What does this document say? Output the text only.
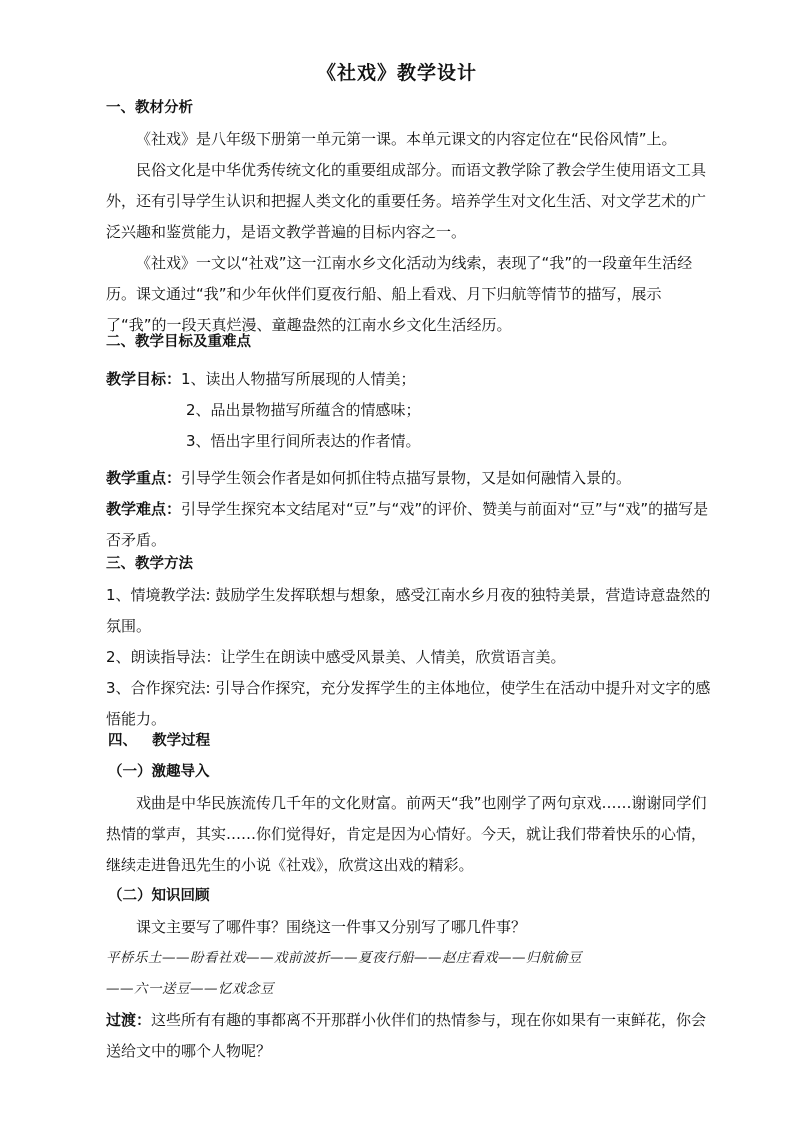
《社戏》教学设计

一、教材分析

《社戏》是八年级下册第一单元第一课。本单元课文的内容定位在“民俗风情”上。

民俗文化是中华优秀传统文化的重要组成部分。而语文教学除了教会学生使用语文工具外，还有引导学生认识和把握人类文化的重要任务。培养学生对文化生活、对文学艺术的广泛兴趣和鉴赏能力，是语文教学普遍的目标内容之一。

《社戏》一文以“社戏”这一江南水乡文化活动为线索，表现了“我”的一段童年生活经历。课文通过“我”和少年伙伴们夏夜行船、船上看戏、月下归航等情节的描写，展示了“我”的一段天真烂漫、童趣盎然的江南水乡文化生活经历。

二、教学目标及重难点

教学目标：1、读出人物描写所展现的人情美；

2、品出景物描写所蕴含的情感味；

3、悟出字里行间所表达的作者情。

教学重点：引导学生领会作者是如何抓住特点描写景物，又是如何融情入景的。

教学难点：引导学生探究本文结尾对“豆”与“戏”的评价、赞美与前面对“豆”与“戏”的描写是否矛盾。

三、教学方法

1、情境教学法: 鼓励学生发挥联想与想象，感受江南水乡月夜的独特美景，营造诗意盎然的氛围。

2、朗读指导法：让学生在朗读中感受风景美、人情美，欣赏语言美。

3、合作探究法: 引导合作探究，充分发挥学生的主体地位，使学生在活动中提升对文字的感悟能力。

四、   教学过程

（一）激趣导入

戏曲是中华民族流传几千年的文化财富。前两天“我”也刚学了两句京戏……谢谢同学们热情的掌声，其实……你们觉得好，肯定是因为心情好。今天，就让我们带着快乐的心情，继续走进鲁迅先生的小说《社戏》，欣赏这出戏的精彩。

（二）知识回顾

课文主要写了哪件事？围绕这一件事又分别写了哪几件事？

平桥乐土——盼看社戏——戏前波折——夏夜行船——赵庄看戏——归航偷豆

——六一送豆——忆戏念豆

过渡：这些所有有趣的事都离不开那群小伙伴们的热情参与，现在你如果有一束鲜花，你会送给文中的哪个人物呢？
